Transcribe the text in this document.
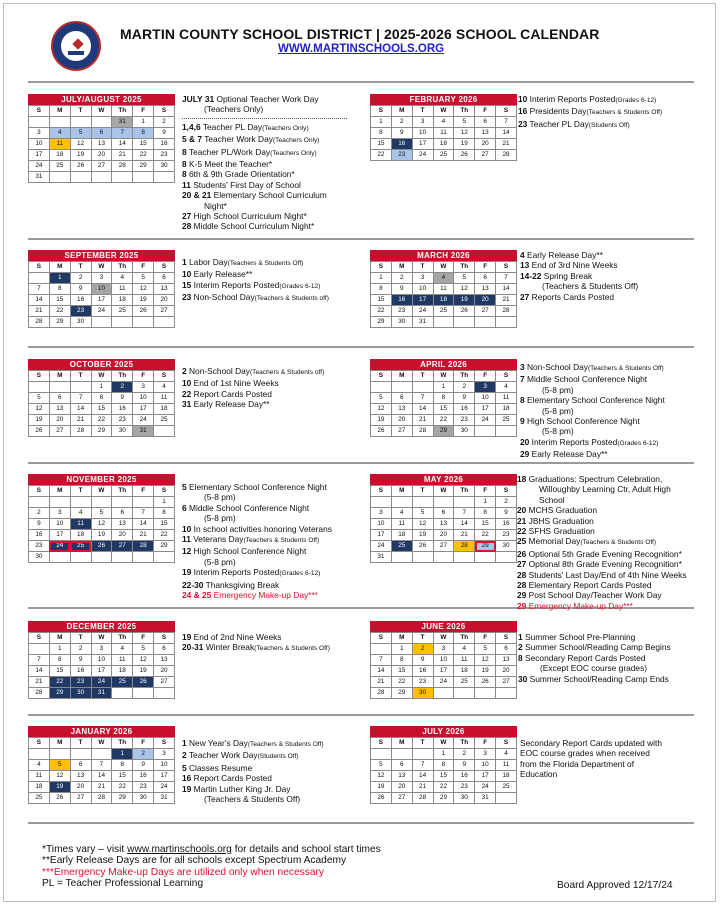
MARTIN COUNTY SCHOOL DISTRICT | 2025-2026 SCHOOL CALENDAR
WWW.MARTINSCHOOLS.ORG
JULY/AUGUST 2025
S	M	T	W	Th	F	S
				31	1	2
3	4	5	6	7	8	9
10	11	12	13	14	15	16
17	18	19	20	21	22	23
24	25	26	27	28	29	30
31						
FEBRUARY 2026
S	M	T	W	Th	F	S
1	2	3	4	5	6	7
8	9	10	11	12	13	14
15	16	17	18	19	20	21
22	23	24	25	26	27	28
SEPTEMBER 2025
S	M	T	W	Th	F	S
	1	2	3	4	5	6
7	8	9	10	11	12	13
14	15	16	17	18	19	20
21	22	23	24	25	26	27
28	29	30				
MARCH 2026
S	M	T	W	Th	F	S
1	2	3	4	5	6	7
8	9	10	11	12	13	14
15	16	17	18	19	20	21
22	23	24	25	26	27	28
29	30	31				
OCTOBER 2025
S	M	T	W	Th	F	S
			1	2	3	4
5	6	7	8	9	10	11
12	13	14	15	16	17	18
19	20	21	22	23	24	25
26	27	28	29	30	31	
APRIL 2026
S	M	T	W	Th	F	S
			1	2	3	4
5	6	7	8	9	10	11
12	13	14	15	16	17	18
19	20	21	22	23	24	25
26	27	28	29	30		
NOVEMBER 2025
S	M	T	W	Th	F	S
						1
2	3	4	5	6	7	8
9	10	11	12	13	14	15
16	17	18	19	20	21	22
23	24	25	26	27	28	29
30						
MAY 2026
S	M	T	W	Th	F	S
					1	2
3	4	5	6	7	8	9
10	11	12	13	14	15	16
17	18	19	20	21	22	23
24	25	26	27	28	29	30
31						
DECEMBER 2025
S	M	T	W	Th	F	S
	1	2	3	4	5	6
7	8	9	10	11	12	13
14	15	16	17	18	19	20
21	22	23	24	25	26	27
28	29	30	31			
JUNE 2026
S	M	T	W	Th	F	S
	1	2	3	4	5	6
7	8	9	10	11	12	13
14	15	16	17	18	19	20
21	22	23	24	25	26	27
28	29	30				
JANUARY 2026
S	M	T	W	Th	F	S
				1	2	3
4	5	6	7	8	9	10
11	12	13	14	15	16	17
18	19	20	21	22	23	24
25	26	27	28	29	30	31
JULY 2026
S	M	T	W	Th	F	S
			1	2	3	4
5	6	7	8	9	10	11
12	13	14	15	16	17	18
19	20	21	22	23	24	25
26	27	28	29	30	31	
JULY 31 Optional Teacher Work Day
(Teachers Only)
1,4,6 Teacher PL Day(Teachers Only)
5 & 7 Teacher Work Day(Teachers Only)
8 Teacher PL/Work Day(Teachers Only)
8 K-5 Meet the Teacher*
8 6th & 9th Grade Orientation*
11 Students' First Day of School
20 & 21 Elementary School Curriculum
Night*
27 High School Curriculum Night*
28 Middle School Curriculum Night*
10 Interim Reports Posted(Grades 6-12)
16 Presidents Day(Teachers & Students Off)
23 Teacher PL Day(Students Off)
1 Labor Day(Teachers & Students Off)
10 Early Release**
15 Interim Reports Posted(Grades 6-12)
23 Non-School Day(Teachers & Students off)
4 Early Release Day**
13 End of 3rd Nine Weeks
14-22 Spring Break
(Teachers & Students Off)
27 Reports Cards Posted
2 Non-School Day(Teachers & Students off)
10 End of 1st Nine Weeks
22 Report Cards Posted
31 Early Release Day**
3 Non-School Day(Teachers & Students Off)
7 Middle School Conference Night
(5-8 pm)
8 Elementary School Conference Night
(5-8 pm)
9 High School Conference Night
(5-8 pm)
20 Interim Reports Posted(Grades 6-12)
29 Early Release Day**
5 Elementary School Conference Night
(5-8 pm)
6 Middle School Conference Night
(5-8 pm)
10 In school activities honoring Veterans
11 Veterans Day(Teachers & Students Off)
12 High School Conference Night
(5-8 pm)
19 Interim Reports Posted(Grades 6-12)
22-30 Thanksgiving Break
24 & 25 Emergency Make-up Day***
18 Graduations: Spectrum Celebration,
Willoughby Learning Ctr, Adult High
School
20 MCHS Graduation
21 JBHS Graduation
22 SFHS Graduation
25 Memorial Day(Teachers & Students Off)
26 Optional 5th Grade Evening Recognition*
27 Optional 8th Grade Evening Recognition*
28 Students' Last Day/End of 4th Nine Weeks
28 Elementary Report Cards Posted
29 Post School Day/Teacher Work Day
29 Emergency Make-up Day***
19 End of 2nd Nine Weeks
20-31 Winter Break(Teachers & Students Off)
1 Summer School Pre-Planning
2 Summer School/Reading Camp Begins
8 Secondary Report Cards Posted
(Except EOC course grades)
30 Summer School/Reading Camp Ends
1 New Year's Day(Teachers & Students Off)
2 Teacher Work Day(Students Off)
5 Classes Resume
16 Report Cards Posted
19 Martin Luther King Jr. Day
(Teachers & Students Off)
Secondary Report Cards updated with
EOC course grades when received
from the Florida Department of
Education
*Times vary – visit www.martinschools.org for details and school start times
**Early Release Days are for all schools except Spectrum Academy
***Emergency Make-up Days are utilized only when necessary
PL = Teacher Professional Learning	Board Approved 12/17/24
